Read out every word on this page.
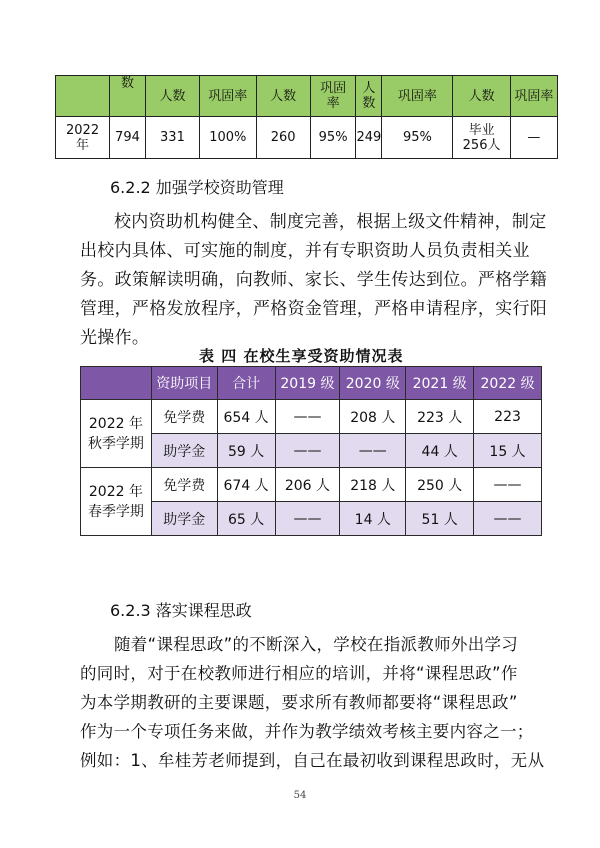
	数	人数	巩固率	人数	巩固率	人数	巩固率	人数	巩固率
2022年	794	331	100%	260	95%	249	95%	毕业256人	—
6.2.2 加强学校资助管理
校内资助机构健全、制度完善，根据上级文件精神，制定
出校内具体、可实施的制度，并有专职资助人员负责相关业
务。政策解读明确，向教师、家长、学生传达到位。严格学籍
管理，严格发放程序，严格资金管理，严格申请程序，实行阳
光操作。
表 四 在校生享受资助情况表
	资助项目	合计	2019 级	2020 级	2021 级	2022 级
2022 年秋季学期	免学费	654 人	——	208 人	223 人	223
	助学金	59 人	——	——	44 人	15 人
2022 年春季学期	免学费	674 人	206 人	218 人	250 人	——
	助学金	65 人	——	14 人	51 人	——
6.2.3 落实课程思政
随着“课程思政”的不断深入，学校在指派教师外出学习
的同时，对于在校教师进行相应的培训，并将“课程思政”作
为本学期教研的主要课题，要求所有教师都要将“课程思政”
作为一个专项任务来做，并作为教学绩效考核主要内容之一；
例如：1、牟桂芳老师提到，自己在最初收到课程思政时，无从
54
